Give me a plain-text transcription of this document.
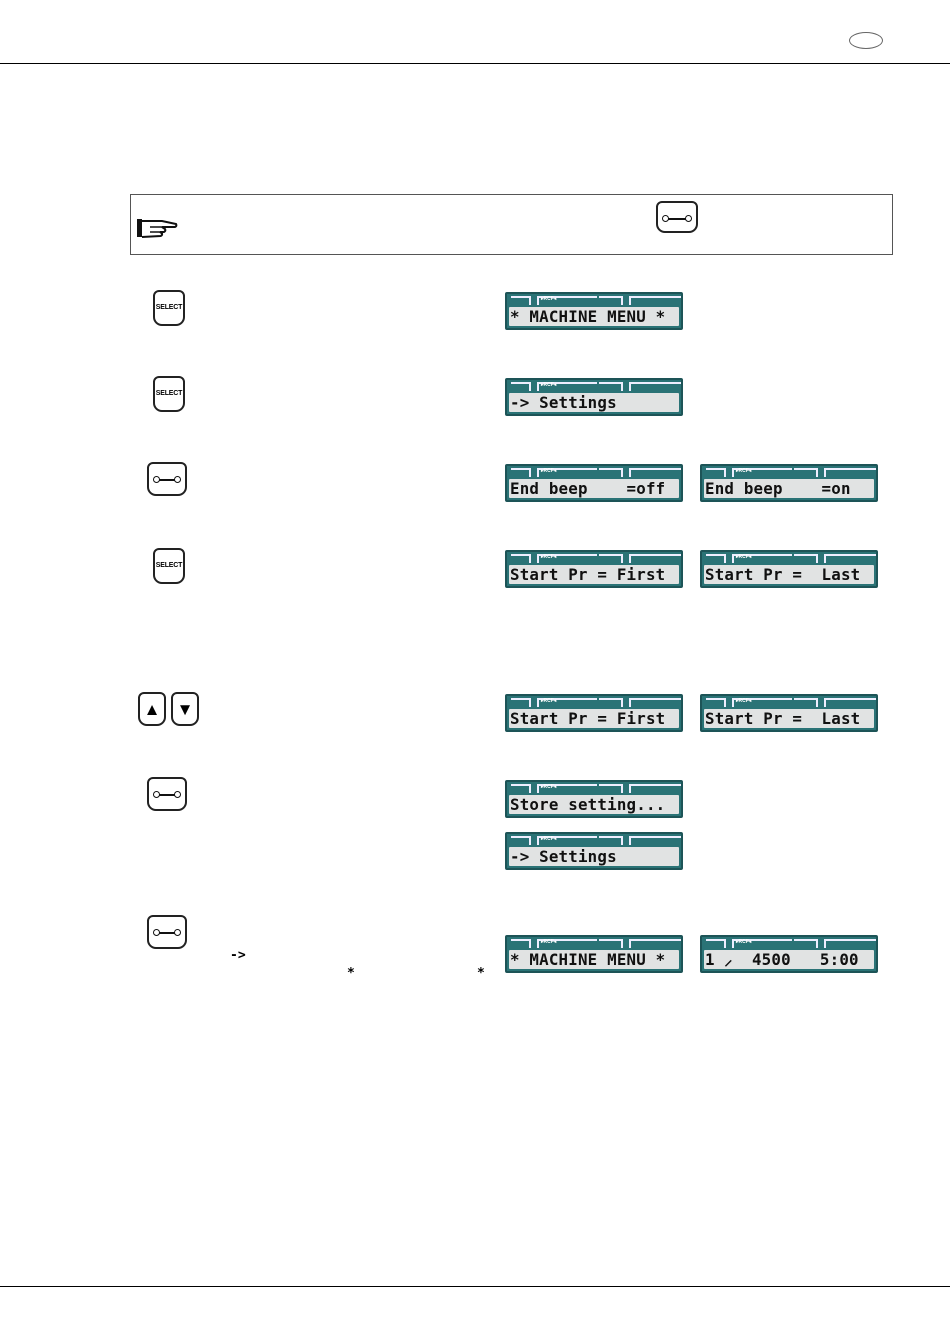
SELECT
▸RCF◂
* MACHINE MENU *
SELECT
▸RCF◂
-> Settings
▸RCF◂
End beep    =off
▸RCF◂
End beep    =on
SELECT
▸RCF◂
Start Pr = First
▸RCF◂
Start Pr =  Last
▲ ▼	▸RCF◂
Start Pr = First
▸RCF◂
Start Pr =  Last
▸RCF◂
Store setting...
▸RCF◂
-> Settings
->
*	*
▸RCF◂
* MACHINE MENU *
▸RCF◂
1 ⸝  4500   5:00
